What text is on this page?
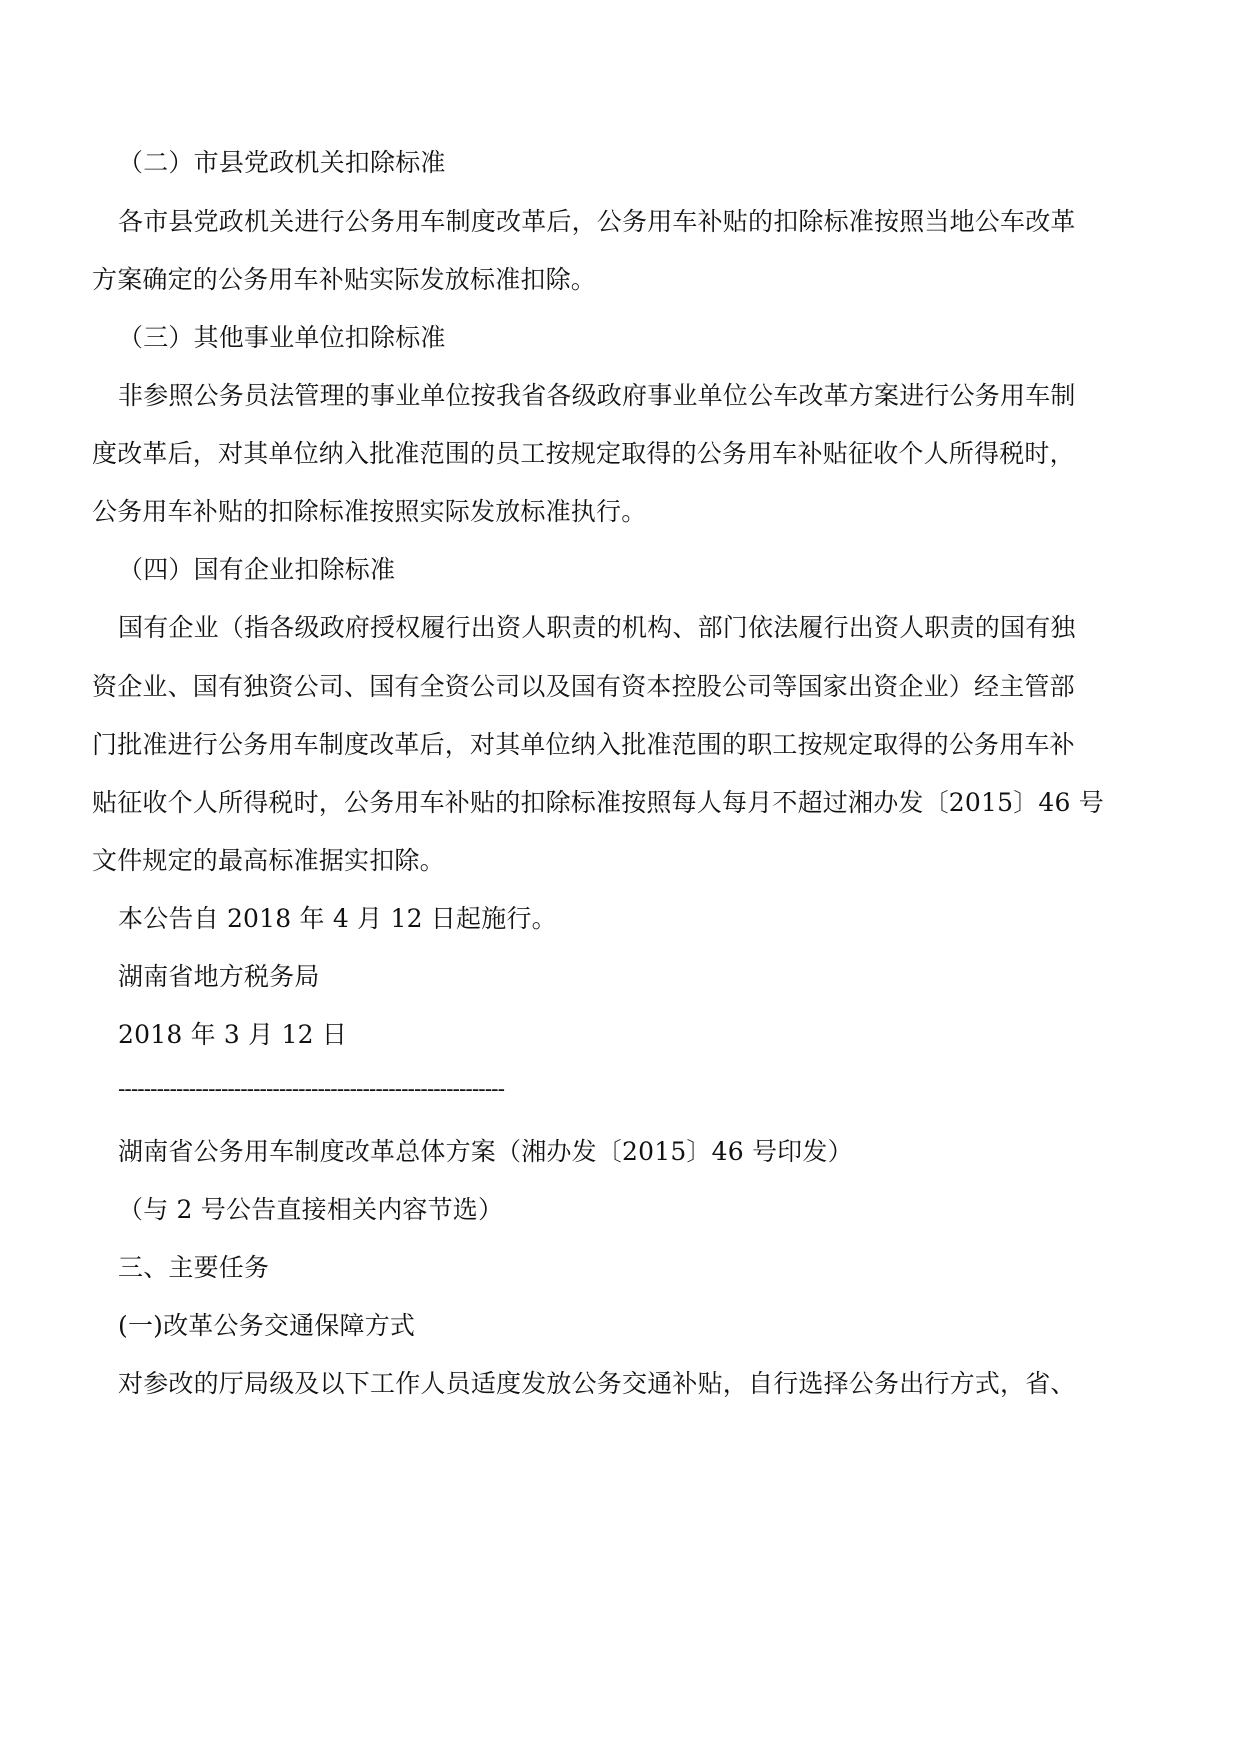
（二）市县党政机关扣除标准
各市县党政机关进行公务用车制度改革后，公务用车补贴的扣除标准按照当地公车改革
方案确定的公务用车补贴实际发放标准扣除。
（三）其他事业单位扣除标准
非参照公务员法管理的事业单位按我省各级政府事业单位公车改革方案进行公务用车制
度改革后，对其单位纳入批准范围的员工按规定取得的公务用车补贴征收个人所得税时，
公务用车补贴的扣除标准按照实际发放标准执行。
（四）国有企业扣除标准
国有企业（指各级政府授权履行出资人职责的机构、部门依法履行出资人职责的国有独
资企业、国有独资公司、国有全资公司以及国有资本控股公司等国家出资企业）经主管部
门批准进行公务用车制度改革后，对其单位纳入批准范围的职工按规定取得的公务用车补
贴征收个人所得税时，公务用车补贴的扣除标准按照每人每月不超过湘办发〔2015〕46 号
文件规定的最高标准据实扣除。
本公告自 2018 年 4 月 12 日起施行。
湖南省地方税务局
2018 年 3 月 12 日
------------------------------------------------------------
湖南省公务用车制度改革总体方案（湘办发〔2015〕46 号印发）
（与 2 号公告直接相关内容节选）
三、主要任务
(一)改革公务交通保障方式
对参改的厅局级及以下工作人员适度发放公务交通补贴，自行选择公务出行方式，省、
